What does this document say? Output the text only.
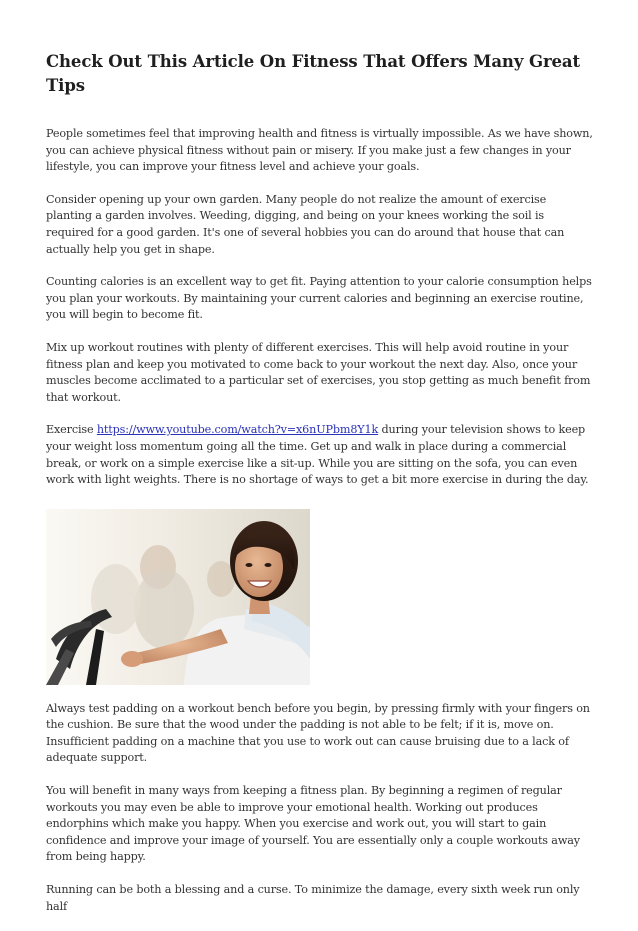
Check Out This Article On Fitness That Offers Many Great Tips

People sometimes feel that improving health and fitness is virtually impossible. As we have shown, you can achieve physical fitness without pain or misery. If you make just a few changes in your lifestyle, you can improve your fitness level and achieve your goals.

Consider opening up your own garden. Many people do not realize the amount of exercise planting a garden involves. Weeding, digging, and being on your knees working the soil is required for a good garden. It's one of several hobbies you can do around that house that can actually help you get in shape.

Counting calories is an excellent way to get fit. Paying attention to your calorie consumption helps you plan your workouts. By maintaining your current calories and beginning an exercise routine, you will begin to become fit.

Mix up workout routines with plenty of different exercises. This will help avoid routine in your fitness plan and keep you motivated to come back to your workout the next day. Also, once your muscles become acclimated to a particular set of exercises, you stop getting as much benefit from that workout.

Exercise https://www.youtube.com/watch?v=x6nUPbm8Y1k during your television shows to keep your weight loss momentum going all the time. Get up and walk in place during a commercial break, or work on a simple exercise like a sit-up. While you are sitting on the sofa, you can even work with light weights. There is no shortage of ways to get a bit more exercise in during the day.

Always test padding on a workout bench before you begin, by pressing firmly with your fingers on the cushion. Be sure that the wood under the padding is not able to be felt; if it is, move on. Insufficient padding on a machine that you use to work out can cause bruising due to a lack of adequate support.

You will benefit in many ways from keeping a fitness plan. By beginning a regimen of regular workouts you may even be able to improve your emotional health. Working out produces endorphins which make you happy. When you exercise and work out, you will start to gain confidence and improve your image of yourself. You are essentially only a couple workouts away from being happy.

Running can be both a blessing and a curse. To minimize the damage, every sixth week run only half
